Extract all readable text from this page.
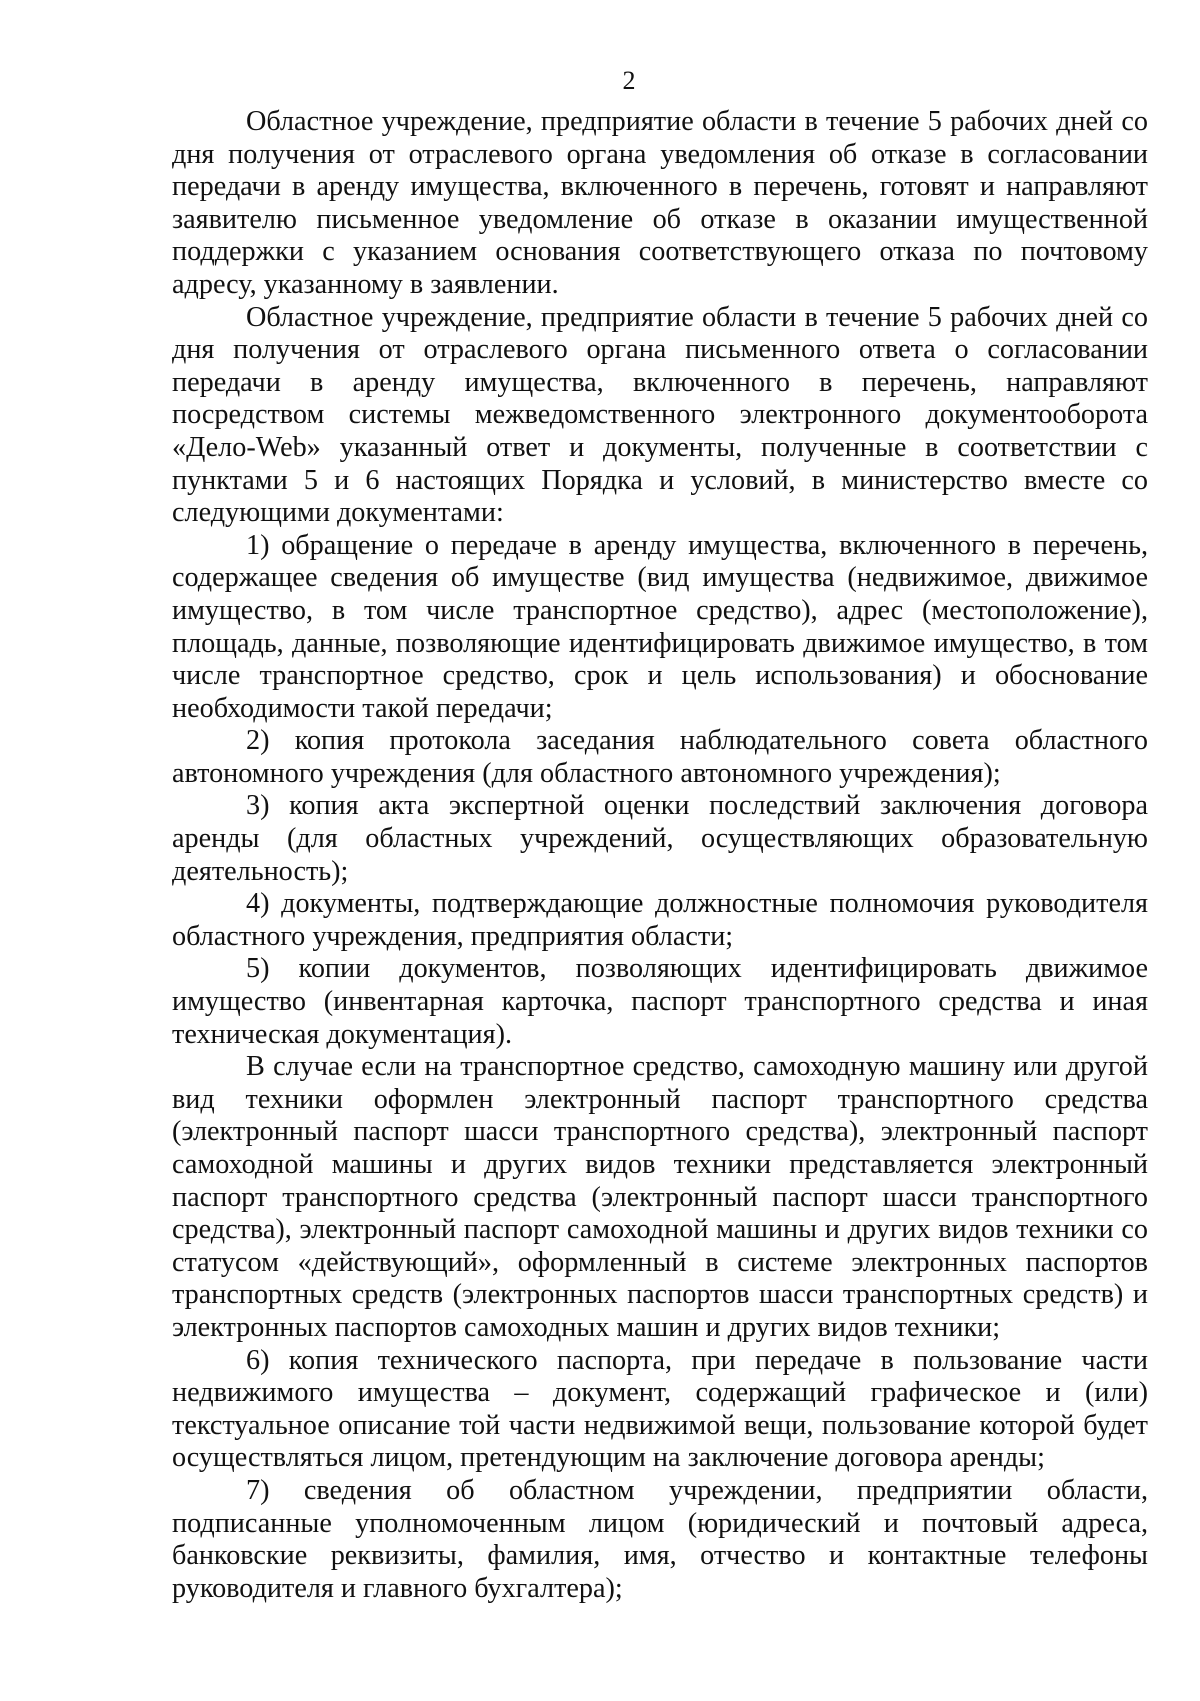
2

Областное учреждение, предприятие области в течение 5 рабочих дней со дня получения от отраслевого органа уведомления об отказе в согласовании передачи в аренду имущества, включенного в перечень, готовят и направляют заявителю письменное уведомление об отказе в оказании имущественной поддержки с указанием основания соответствующего отказа по почтовому адресу, указанному в заявлении.

Областное учреждение, предприятие области в течение 5 рабочих дней со дня получения от отраслевого органа письменного ответа о согласовании передачи в аренду имущества, включенного в перечень, направляют посредством системы межведомственного электронного документооборота «Дело-Web» указанный ответ и документы, полученные в соответствии с пунктами 5 и 6 настоящих Порядка и условий, в министерство вместе со следующими документами:

1) обращение о передаче в аренду имущества, включенного в перечень, содержащее сведения об имуществе (вид имущества (недвижимое, движимое имущество, в том числе транспортное средство), адрес (местоположение), площадь, данные, позволяющие идентифицировать движимое имущество, в том числе транспортное средство, срок и цель использования) и обоснование необходимости такой передачи;

2) копия протокола заседания наблюдательного совета областного автономного учреждения (для областного автономного учреждения);

3) копия акта экспертной оценки последствий заключения договора аренды (для областных учреждений, осуществляющих образовательную деятельность);

4) документы, подтверждающие должностные полномочия руководителя областного учреждения, предприятия области;

5) копии документов, позволяющих идентифицировать движимое имущество (инвентарная карточка, паспорт транспортного средства и иная техническая документация).

В случае если на транспортное средство, самоходную машину или другой вид техники оформлен электронный паспорт транспортного средства (электронный паспорт шасси транспортного средства), электронный паспорт самоходной машины и других видов техники представляется электронный паспорт транспортного средства (электронный паспорт шасси транспортного средства), электронный паспорт самоходной машины и других видов техники со статусом «действующий», оформленный в системе электронных паспортов транспортных средств (электронных паспортов шасси транспортных средств) и электронных паспортов самоходных машин и других видов техники;

6) копия технического паспорта, при передаче в пользование части недвижимого имущества – документ, содержащий графическое и (или) текстуальное описание той части недвижимой вещи, пользование которой будет осуществляться лицом, претендующим на заключение договора аренды;

7) сведения об областном учреждении, предприятии области, подписанные уполномоченным лицом (юридический и почтовый адреса, банковские реквизиты, фамилия, имя, отчество и контактные телефоны руководителя и главного бухгалтера);
